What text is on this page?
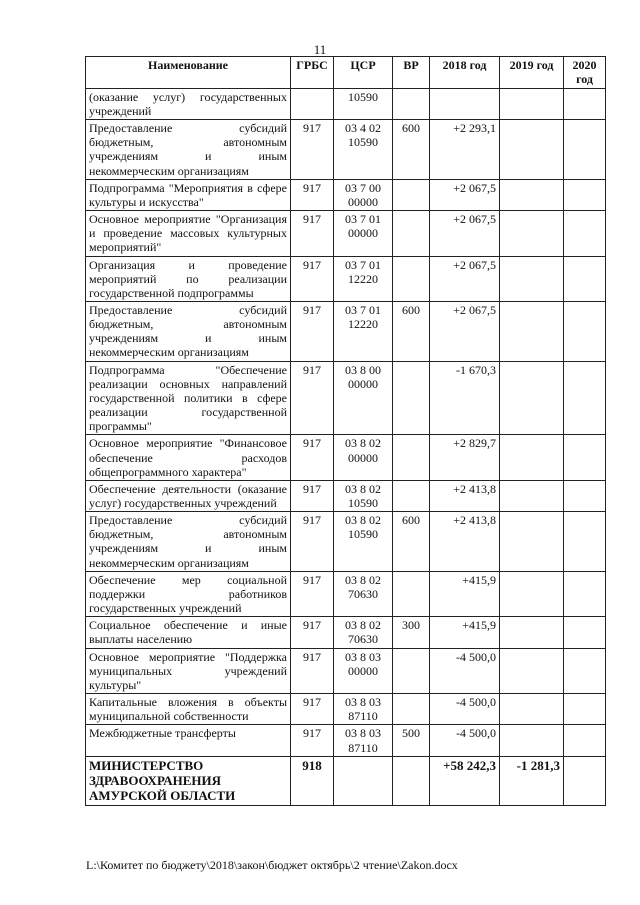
11
Наименование	ГРБС	ЦСР	ВР	2018 год	2019 год	2020 год
(оказание услуг) государственных учреждений		10590				
Предоставление субсидий бюджетным, автономным учреждениям и иным некоммерческим организациям	917	03 4 02 10590	600	+2 293,1		
Подпрограмма "Мероприятия в сфере культуры и искусства"	917	03 7 00 00000		+2 067,5		
Основное мероприятие "Организация и проведение массовых культурных мероприятий"	917	03 7 01 00000		+2 067,5		
Организация и проведение мероприятий по реализации государственной подпрограммы	917	03 7 01 12220		+2 067,5		
Предоставление субсидий бюджетным, автономным учреждениям и иным некоммерческим организациям	917	03 7 01 12220	600	+2 067,5		
Подпрограмма "Обеспечение реализации основных направлений государственной политики в сфере реализации государственной программы"	917	03 8 00 00000		-1 670,3		
Основное мероприятие "Финансовое обеспечение расходов общепрограммного характера"	917	03 8 02 00000		+2 829,7		
Обеспечение деятельности (оказание услуг) государственных учреждений	917	03 8 02 10590		+2 413,8		
Предоставление субсидий бюджетным, автономным учреждениям и иным некоммерческим организациям	917	03 8 02 10590	600	+2 413,8		
Обеспечение мер социальной поддержки работников государственных учреждений	917	03 8 02 70630		+415,9		
Социальное обеспечение и иные выплаты населению	917	03 8 02 70630	300	+415,9		
Основное мероприятие "Поддержка муниципальных учреждений культуры"	917	03 8 03 00000		-4 500,0		
Капитальные вложения в объекты муниципальной собственности	917	03 8 03 87110		-4 500,0		
Межбюджетные трансферты	917	03 8 03 87110	500	-4 500,0		
МИНИСТЕРСТВО ЗДРАВООХРАНЕНИЯ АМУРСКОЙ ОБЛАСТИ	918			+58 242,3	-1 281,3	
L:\Комитет по бюджету\2018\закон\бюджет октябрь\2 чтение\Zakon.docx
